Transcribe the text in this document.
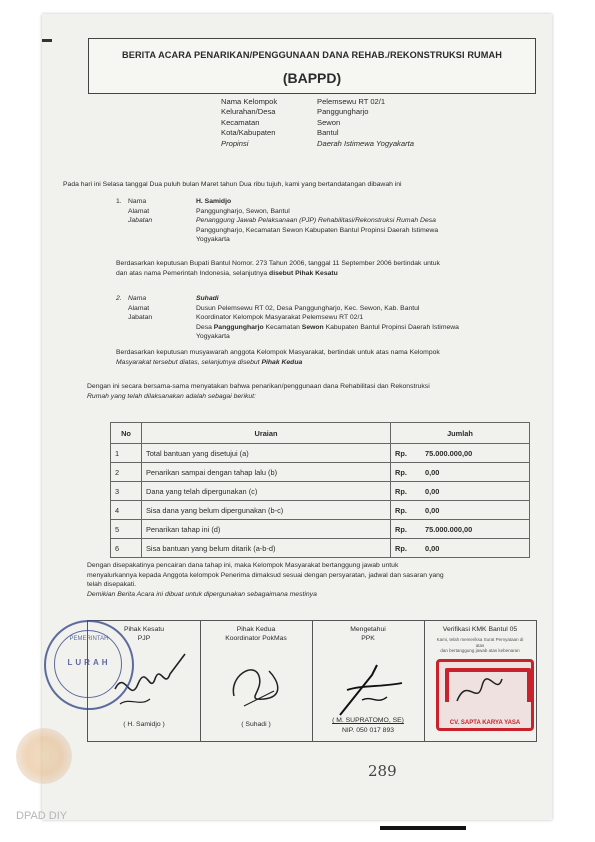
BERITA ACARA PENARIKAN/PENGGUNAAN DANA REHAB./REKONSTRUKSI RUMAH
(BAPPD)
Nama Kelompok	Pelemsewu RT 02/1
Kelurahan/Desa	Panggungharjo
Kecamatan	Sewon
Kota/Kabupaten	Bantul
Propinsi	Daerah Istimewa Yogyakarta
Pada hari ini Selasa tanggal Dua puluh bulan Maret tahun Dua ribu tujuh, kami yang bertandatangan dibawah ini
1. Nama	H. Samidjo
Alamat	Panggungharjo, Sewon, Bantul
Jabatan	Penanggung Jawab Pelaksanaan (PJP) Rehabilitasi/Rekonstruksi Rumah Desa
Panggungharjo, Kecamatan Sewon Kabupaten Bantul Propinsi Daerah Istimewa
Yogyakarta
Berdasarkan keputusan Bupati Bantul Nomor. 273 Tahun 2006, tanggal 11 September 2006 bertindak untuk
dan atas nama Pemerintah Indonesia, selanjutnya disebut Pihak Kesatu
2. Nama	Suhadi
Alamat	Dusun Pelemsewu RT 02, Desa Panggungharjo, Kec. Sewon, Kab. Bantul
Jabatan	Koordinator Kelompok Masyarakat Pelemsewu RT 02/1
Desa Panggungharjo Kecamatan Sewon Kabupaten Bantul Propinsi Daerah Istimewa
Yogyakarta
Berdasarkan keputusan musyawarah anggota Kelompok Masyarakat, bertindak untuk atas nama Kelompok
Masyarakat tersebut diatas, selanjutnya disebut Pihak Kedua
Dengan ini secara bersama-sama menyatakan bahwa penarikan/penggunaan dana Rehabilitasi dan Rekonstruksi
Rumah yang telah dilaksanakan adalah sebagai berikut:
No	Uraian	Jumlah	
1	Total bantuan yang disetujui (a)	Rp.	75.000.000,00
2	Penarikan sampai dengan tahap lalu (b)	Rp.	0,00
3	Dana yang telah dipergunakan (c)	Rp.	0,00
4	Sisa dana yang belum dipergunakan (b-c)	Rp.	0,00
5	Penarikan tahap ini (d)	Rp.	75.000.000,00
6	Sisa bantuan yang belum ditarik (a-b-d)	Rp.	0,00
Dengan disepakatinya pencairan dana tahap ini, maka Kelompok Masyarakat bertanggung jawab untuk
menyalurkannya kepada Anggota kelompok Penerima dimaksud sesuai dengan persyaratan, jadwal dan sasaran yang
telah disepakati.
Demikian Berita Acara ini dibuat untuk dipergunakan sebagaimana mestinya
Pihak Kesatu
PJP
( H. Samidjo )
Pihak Kedua
Koordinator PokMas
( Suhadi )
Mengetahui
PPK
( M. SUPRATOMO, SE)
NIP. 050 017 893
Verifikasi KMK Bantul 05
Kami, telah memeriksa Surat Pernyataan di atas
dan bertanggung jawab atas kebenaran
CV. SAPTA KARYA YASA
PEMERINTAH
LURAH
289
DPAD DIY
